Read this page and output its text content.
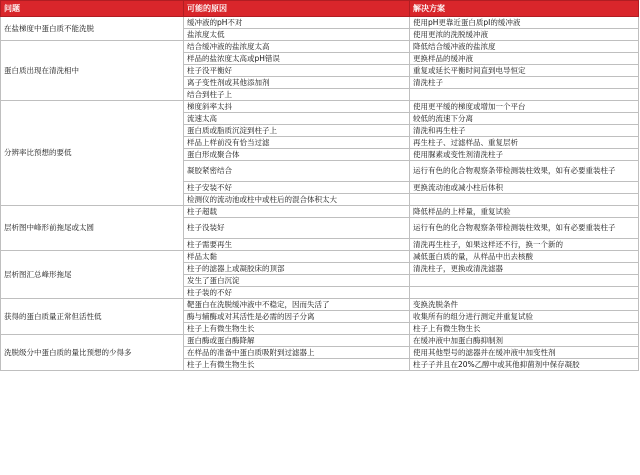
问题	可能的原因	解决方案
在盐梯度中蛋白质不能洗脱	缓冲液的pH不对	使用pH更靠近蛋白质pI的缓冲液
	盐浓度太低	使用更浓的洗脱缓冲液
蛋白质出现在清洗相中	结合缓冲液的盐浓度太高	降低结合缓冲液的盐浓度
	样品的盐浓度太高或pH错误	更换样品的缓冲液
	柱子没平衡好	重复或延长平衡时间直到电导恒定
	离子变性剂或其他添加剂	清洗柱子
	结合到柱子上	
分辨率比预想的要低	梯度斜率太抖	使用更平缓的梯度或增加一个平台
	流速太高	较低的流速下分离
	蛋白质或脂质沉淀到柱子上	清洗和再生柱子
	样品上样前没有恰当过滤	再生柱子、过滤样品、重复层析
	蛋白形成聚合体	使用脲素或变性剂清洗柱子
	凝胶紧密结合	运行有色的化合物观察条带检测装柱效果，如有必要重装柱子
	柱子安装不好	更换流动池或减小柱后体积
	检测仪的流动池或柱中或柱后的混合体积太大	
层析图中峰形前拖尾或太圆	柱子超载	降低样品的上样量，重复试验
	柱子没装好	运行有色的化合物观察条带检测装柱效果，如有必要重装柱子
	柱子需要再生	清洗再生柱子，如果这样还不行，换一个新的
层析图汇总峰形拖尾	样品太黏	减低蛋白质的量，从样品中出去核酸
	柱子的滤器上或凝胶床的顶部	清洗柱子，更换或清洗滤器
	发生了蛋白沉淀	
	柱子装的不好	
获得的蛋白质量正常但活性低	靶蛋白在洗脱缓冲液中不稳定，因而失活了	变换洗脱条件
	酶与辅酶或对其活性是必需的因子分离	收集所有的组分进行测定并重复试验
	柱子上有微生物生长	柱子上有微生物生长
洗脱级分中蛋白质的量比预想的少得多	蛋白酶或蛋白酶降解	在缓冲液中加蛋白酶抑制剂
	在样品的准备中蛋白质吸附到过滤器上	使用其他型号的滤器并在缓冲液中加变性剂
	柱子上有微生物生长	柱子子并且在20%乙醇中或其他抑菌剂中保存凝胶
